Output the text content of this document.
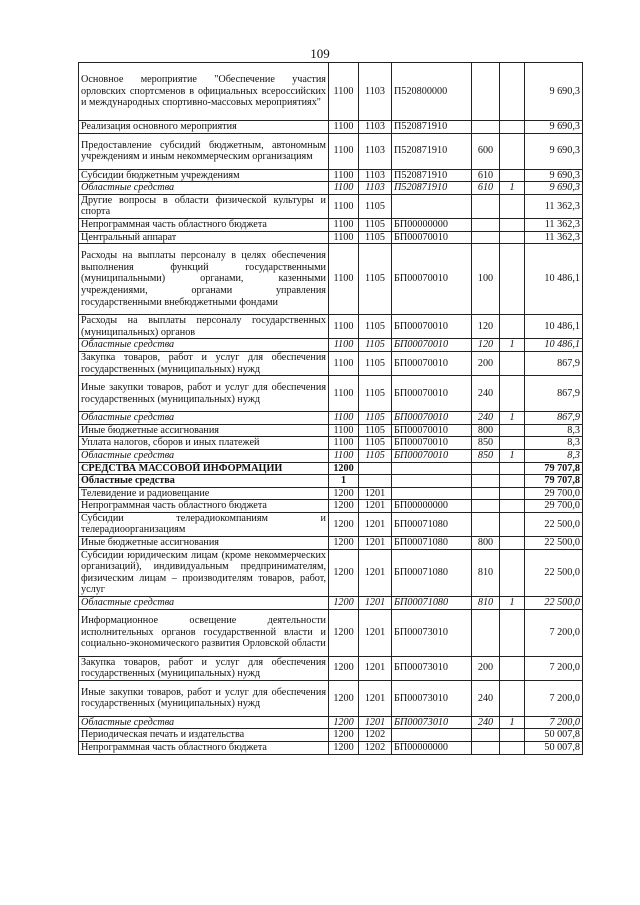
109
Основное мероприятие "Обеспечение участия орловских спортсменов в официальных всероссийских и международных спортивно-массовых мероприятиях"	1100	1103	П520800000			9 690,3
Реализация основного мероприятия	1100	1103	П520871910			9 690,3
Предоставление субсидий бюджетным, автономным учреждениям и иным некоммерческим организациям	1100	1103	П520871910	600		9 690,3
Субсидии бюджетным учреждениям	1100	1103	П520871910	610		9 690,3
Областные средства	1100	1103	П520871910	610	1	9 690,3
Другие вопросы в области физической культуры и спорта	1100	1105				11 362,3
Непрограммная часть областного бюджета	1100	1105	БП00000000			11 362,3
Центральный аппарат	1100	1105	БП00070010			11 362,3
Расходы на выплаты персоналу в целях обеспечения выполнения функций государственными (муниципальными) органами, казенными учреждениями, органами управления государственными внебюджетными фондами	1100	1105	БП00070010	100		10 486,1
Расходы на выплаты персоналу государственных (муниципальных) органов	1100	1105	БП00070010	120		10 486,1
Областные средства	1100	1105	БП00070010	120	1	10 486,1
Закупка товаров, работ и услуг для обеспечения государственных (муниципальных) нужд	1100	1105	БП00070010	200		867,9
Иные закупки товаров, работ и услуг для обеспечения государственных (муниципальных) нужд	1100	1105	БП00070010	240		867,9
Областные средства	1100	1105	БП00070010	240	1	867,9
Иные бюджетные ассигнования	1100	1105	БП00070010	800		8,3
Уплата налогов, сборов и иных платежей	1100	1105	БП00070010	850		8,3
Областные средства	1100	1105	БП00070010	850	1	8,3
СРЕДСТВА МАССОВОЙ ИНФОРМАЦИИ	1200					79 707,8
Областные средства	1					79 707,8
Телевидение и радиовещание	1200	1201				29 700,0
Непрограммная часть областного бюджета	1200	1201	БП00000000			29 700,0
Субсидии телерадиокомпаниям и телерадиоорганизациям	1200	1201	БП00071080			22 500,0
Иные бюджетные ассигнования	1200	1201	БП00071080	800		22 500,0
Субсидии юридическим лицам (кроме некоммерческих организаций), индивидуальным предпринимателям, физическим лицам – производителям товаров, работ, услуг	1200	1201	БП00071080	810		22 500,0
Областные средства	1200	1201	БП00071080	810	1	22 500,0
Информационное освещение деятельности исполнительных органов государственной власти и социально-экономического развития Орловской области	1200	1201	БП00073010			7 200,0
Закупка товаров, работ и услуг для обеспечения государственных (муниципальных) нужд	1200	1201	БП00073010	200		7 200,0
Иные закупки товаров, работ и услуг для обеспечения государственных (муниципальных) нужд	1200	1201	БП00073010	240		7 200,0
Областные средства	1200	1201	БП00073010	240	1	7 200,0
Периодическая печать и издательства	1200	1202				50 007,8
Непрограммная часть областного бюджета	1200	1202	БП00000000			50 007,8
